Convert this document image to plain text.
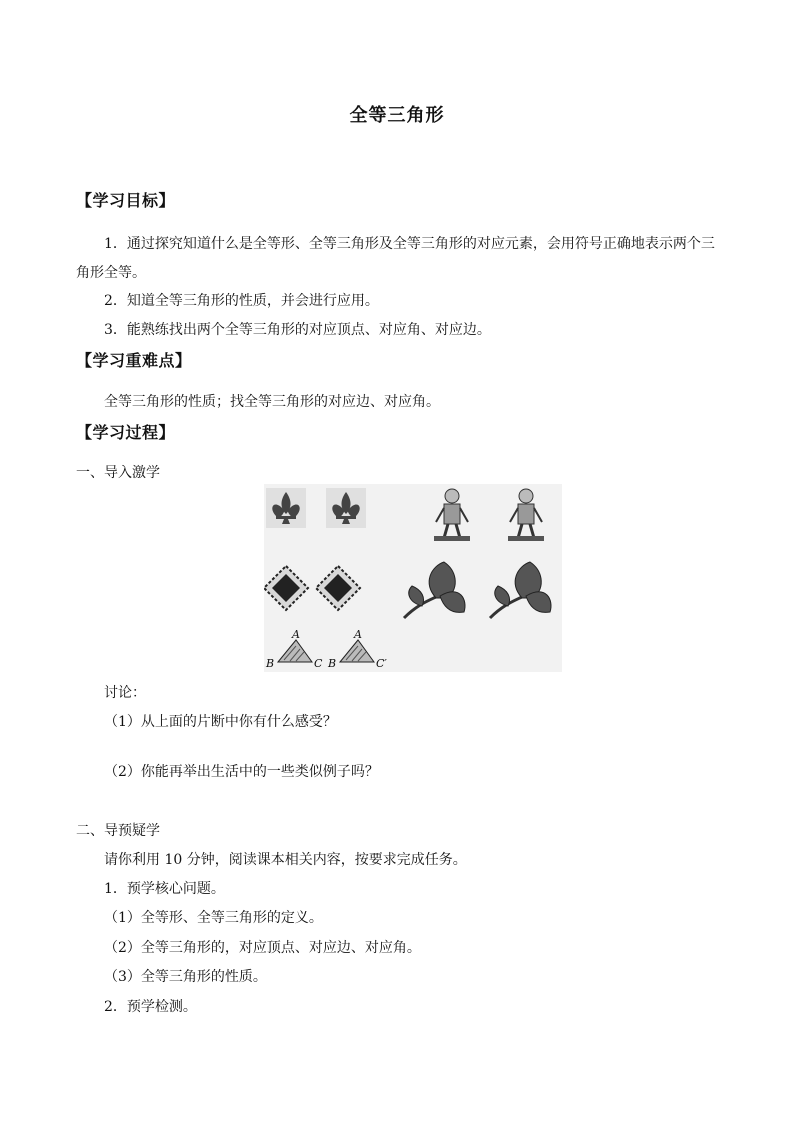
全等三角形
【学习目标】
1．通过探究知道什么是全等形、全等三角形及全等三角形的对应元素，会用符号正确地表示两个三角形全等。
2．知道全等三角形的性质，并会进行应用。
3．能熟练找出两个全等三角形的对应顶点、对应角、对应边。
【学习重难点】
全等三角形的性质；找全等三角形的对应边、对应角。
【学习过程】
一、导入激学
A
B	C
A
B	C′
讨论：
（1）从上面的片断中你有什么感受？
（2）你能再举出生活中的一些类似例子吗？
二、导预疑学
请你利用 10 分钟，阅读课本相关内容，按要求完成任务。
1．预学核心问题。
（1）全等形、全等三角形的定义。
（2）全等三角形的，对应顶点、对应边、对应角。
（3）全等三角形的性质。
2．预学检测。
